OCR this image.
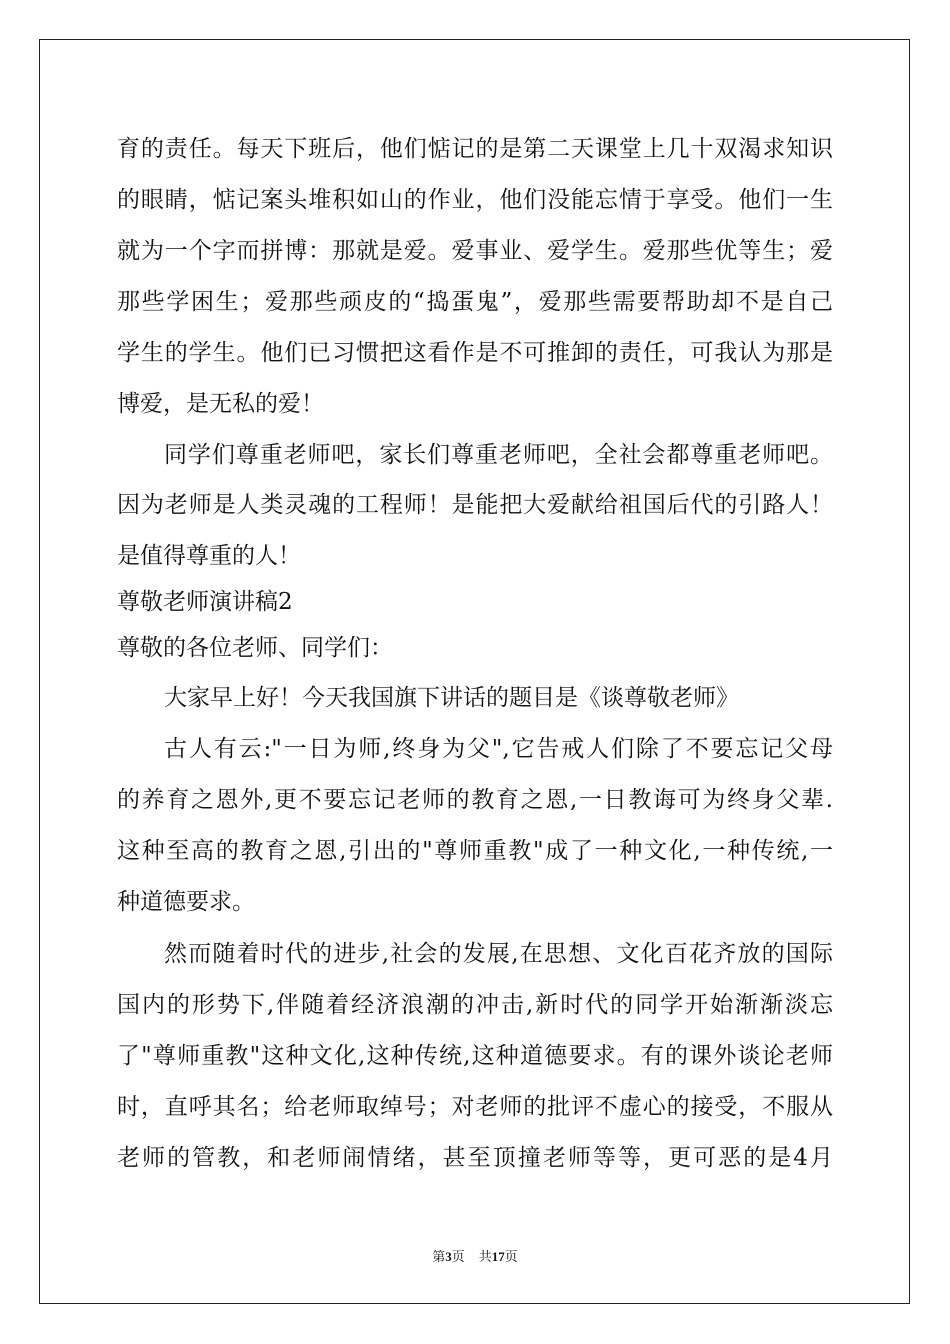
育的责任。每天下班后，他们惦记的是第二天课堂上几十双渴求知识
的眼睛，惦记案头堆积如山的作业，他们没能忘情于享受。他们一生
就为一个字而拼博：那就是爱。爱事业、爱学生。爱那些优等生；爱
那些学困生；爱那些顽皮的“捣蛋鬼”，爱那些需要帮助却不是自己
学生的学生。他们已习惯把这看作是不可推卸的责任，可我认为那是
博爱，是无私的爱！
同学们尊重老师吧，家长们尊重老师吧，全社会都尊重老师吧。
因为老师是人类灵魂的工程师！是能把大爱献给祖国后代的引路人！
是值得尊重的人！
尊敬老师演讲稿2
尊敬的各位老师、同学们：
大家早上好！今天我国旗下讲话的题目是《谈尊敬老师》
古人有云:"一日为师,终身为父",它告戒人们除了不要忘记父母
的养育之恩外,更不要忘记老师的教育之恩,一日教诲可为终身父辈.
这种至高的教育之恩,引出的"尊师重教"成了一种文化,一种传统,一
种道德要求。
然而随着时代的进步,社会的发展,在思想、文化百花齐放的国际
国内的形势下,伴随着经济浪潮的冲击,新时代的同学开始渐渐淡忘
了"尊师重教"这种文化,这种传统,这种道德要求。有的课外谈论老师
时，直呼其名；给老师取绰号；对老师的批评不虚心的接受，不服从
老师的管教，和老师闹情绪，甚至顶撞老师等等，更可恶的是4月
第3页 共17页
